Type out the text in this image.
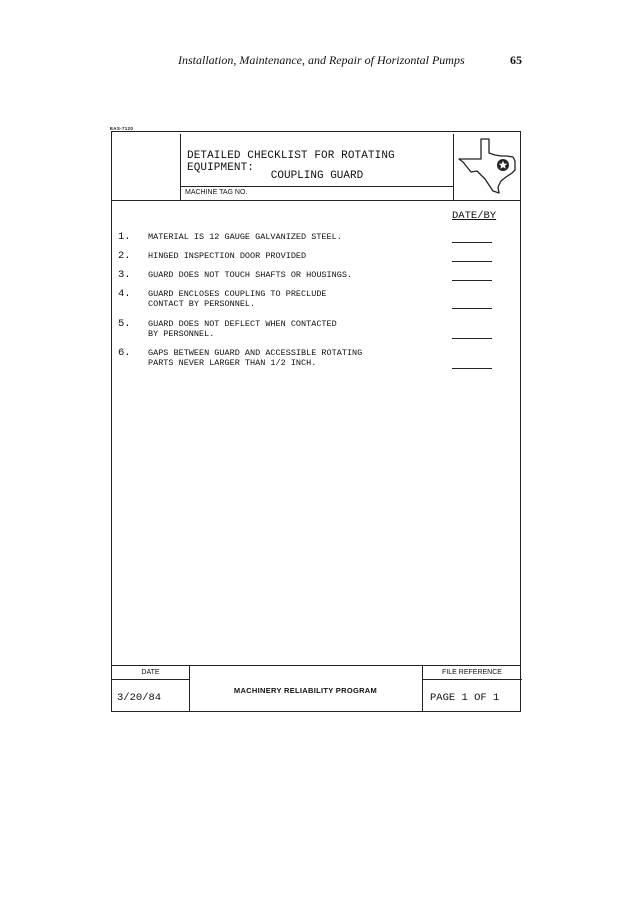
Installation, Maintenance, and Repair of Horizontal Pumps	65
EAS-7120
DETAILED CHECKLIST FOR ROTATING EQUIPMENT:
COUPLING GUARD
MACHINE TAG NO.
DATE/BY
1. MATERIAL IS 12 GAUGE GALVANIZED STEEL.
2. HINGED INSPECTION DOOR PROVIDED
3. GUARD DOES NOT TOUCH SHAFTS OR HOUSINGS.
4. GUARD ENCLOSES COUPLING TO PRECLUDE
CONTACT BY PERSONNEL.
5. GUARD DOES NOT DEFLECT WHEN CONTACTED
BY PERSONNEL.
6. GAPS BETWEEN GUARD AND ACCESSIBLE ROTATING
PARTS NEVER LARGER THAN 1/2 INCH.
DATE
3/20/84
MACHINERY RELIABILITY PROGRAM
FILE REFERENCE
PAGE 1 OF 1
